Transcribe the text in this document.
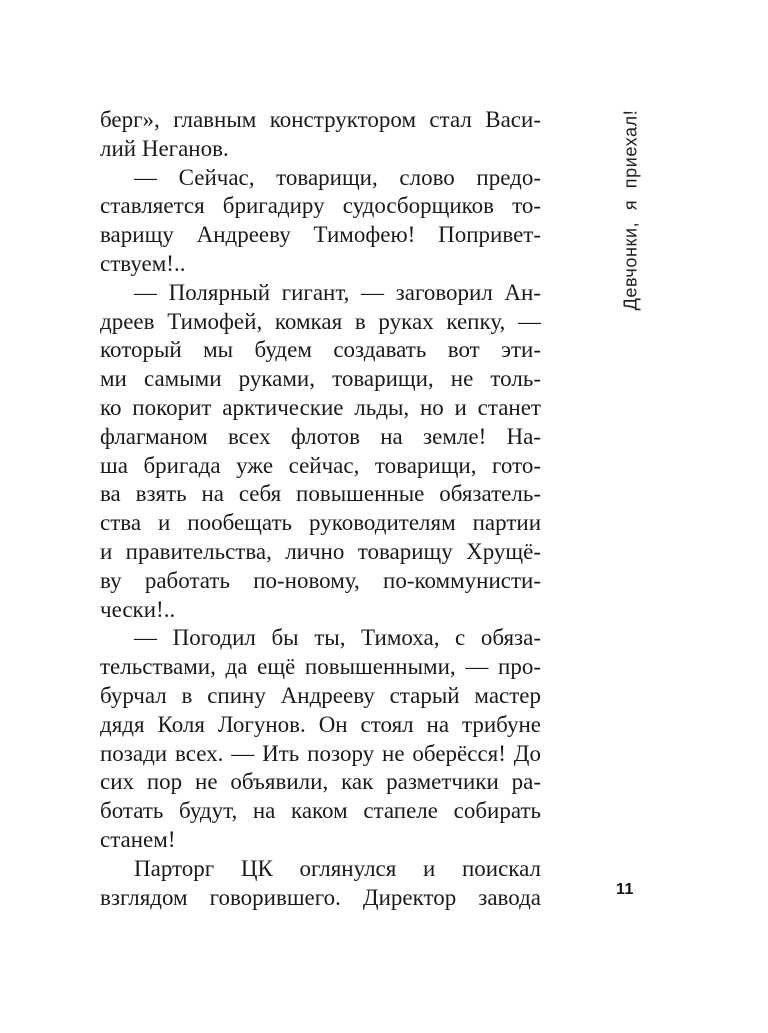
берг», главным конструктором стал Васи-
лий Неганов.
— Сейчас, товарищи, слово предо-
ставляется бригадиру судосборщиков то-
варищу Андрееву Тимофею! Попривет-
ствуем!..
— Полярный гигант, — заговорил Ан-
дреев Тимофей, комкая в руках кепку, —
который мы будем создавать вот эти-
ми самыми руками, товарищи, не толь-
ко покорит арктические льды, но и станет
флагманом всех флотов на земле! На-
ша бригада уже сейчас, товарищи, гото-
ва взять на себя повышенные обязатель-
ства и пообещать руководителям партии
и правительства, лично товарищу Хрущё-
ву работать по-новому, по-коммунисти-
чески!..
— Погодил бы ты, Тимоха, с обяза-
тельствами, да ещё повышенными, — про-
бурчал в спину Андрееву старый мастер
дядя Коля Логунов. Он стоял на трибуне
позади всех. — Ить позору не оберёсся! До
сих пор не объявили, как разметчики ра-
ботать будут, на каком стапеле собирать
станем!
Парторг ЦК оглянулся и поискал
взглядом говорившего. Директор завода
Девчонки, я приехал!
11
